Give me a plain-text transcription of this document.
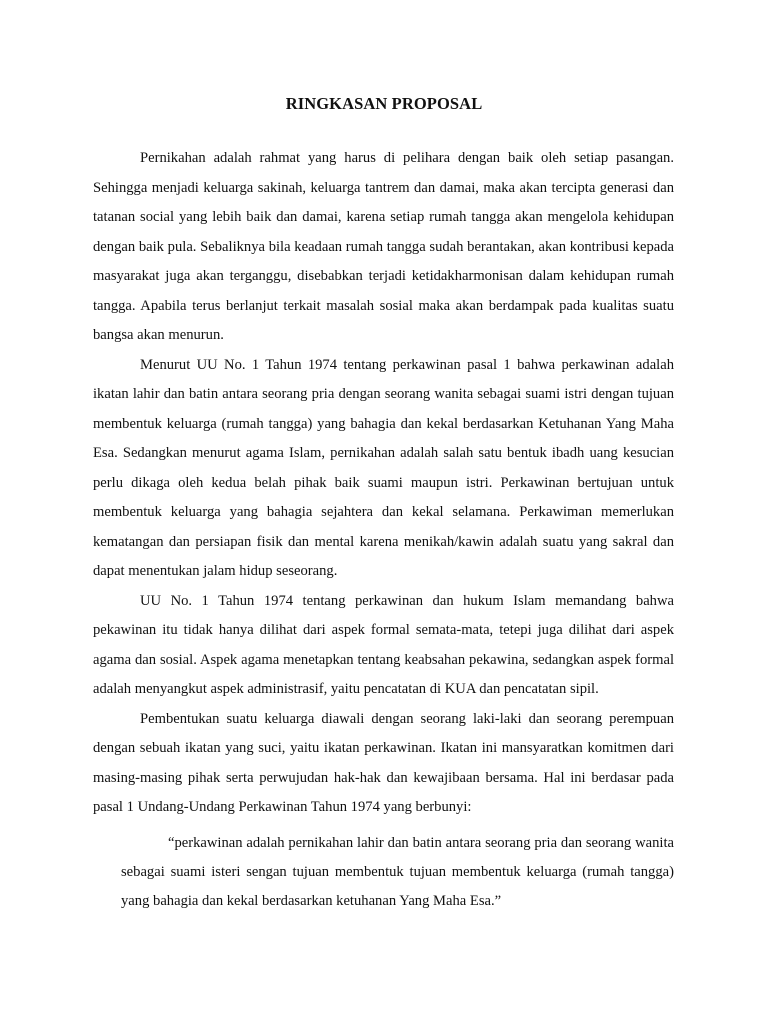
RINGKASAN PROPOSAL

Pernikahan adalah rahmat yang harus di pelihara dengan baik oleh setiap pasangan. Sehingga menjadi keluarga sakinah, keluarga tantrem dan damai, maka akan tercipta generasi dan tatanan social yang lebih baik dan damai, karena setiap rumah tangga akan mengelola kehidupan dengan baik pula. Sebaliknya bila keadaan rumah tangga sudah berantakan, akan kontribusi kepada masyarakat juga akan terganggu, disebabkan terjadi ketidakharmonisan dalam kehidupan rumah tangga. Apabila terus berlanjut terkait masalah sosial maka akan berdampak pada kualitas suatu bangsa akan menurun.

Menurut UU No. 1 Tahun 1974 tentang perkawinan pasal 1 bahwa perkawinan adalah ikatan lahir dan batin antara seorang pria dengan seorang wanita sebagai suami istri dengan tujuan membentuk keluarga (rumah tangga) yang bahagia dan kekal berdasarkan Ketuhanan Yang Maha Esa. Sedangkan menurut agama Islam, pernikahan adalah salah satu bentuk ibadh uang kesucian perlu dikaga oleh kedua belah pihak baik suami maupun istri. Perkawinan bertujuan untuk membentuk keluarga yang bahagia sejahtera dan kekal selamana. Perkawiman memerlukan kematangan dan persiapan fisik dan mental karena menikah/kawin adalah suatu yang sakral dan dapat menentukan jalam hidup seseorang.

UU No. 1 Tahun 1974 tentang perkawinan dan hukum Islam memandang bahwa pekawinan itu tidak hanya dilihat dari aspek formal semata-mata, tetepi juga dilihat dari aspek agama dan sosial. Aspek agama menetapkan tentang keabsahan pekawina, sedangkan aspek formal adalah menyangkut aspek administrasif, yaitu pencatatan di KUA dan pencatatan sipil.

Pembentukan suatu keluarga diawali dengan seorang laki-laki dan seorang perempuan dengan sebuah ikatan yang suci, yaitu ikatan perkawinan. Ikatan ini mansyaratkan komitmen dari masing-masing pihak serta perwujudan hak-hak dan kewajibaan bersama. Hal ini berdasar pada pasal 1 Undang-Undang Perkawinan Tahun 1974 yang berbunyi:

“perkawinan adalah pernikahan lahir dan batin antara seorang pria dan seorang wanita sebagai suami isteri sengan tujuan membentuk tujuan membentuk keluarga (rumah tangga) yang bahagia dan kekal berdasarkan ketuhanan Yang Maha Esa.”
